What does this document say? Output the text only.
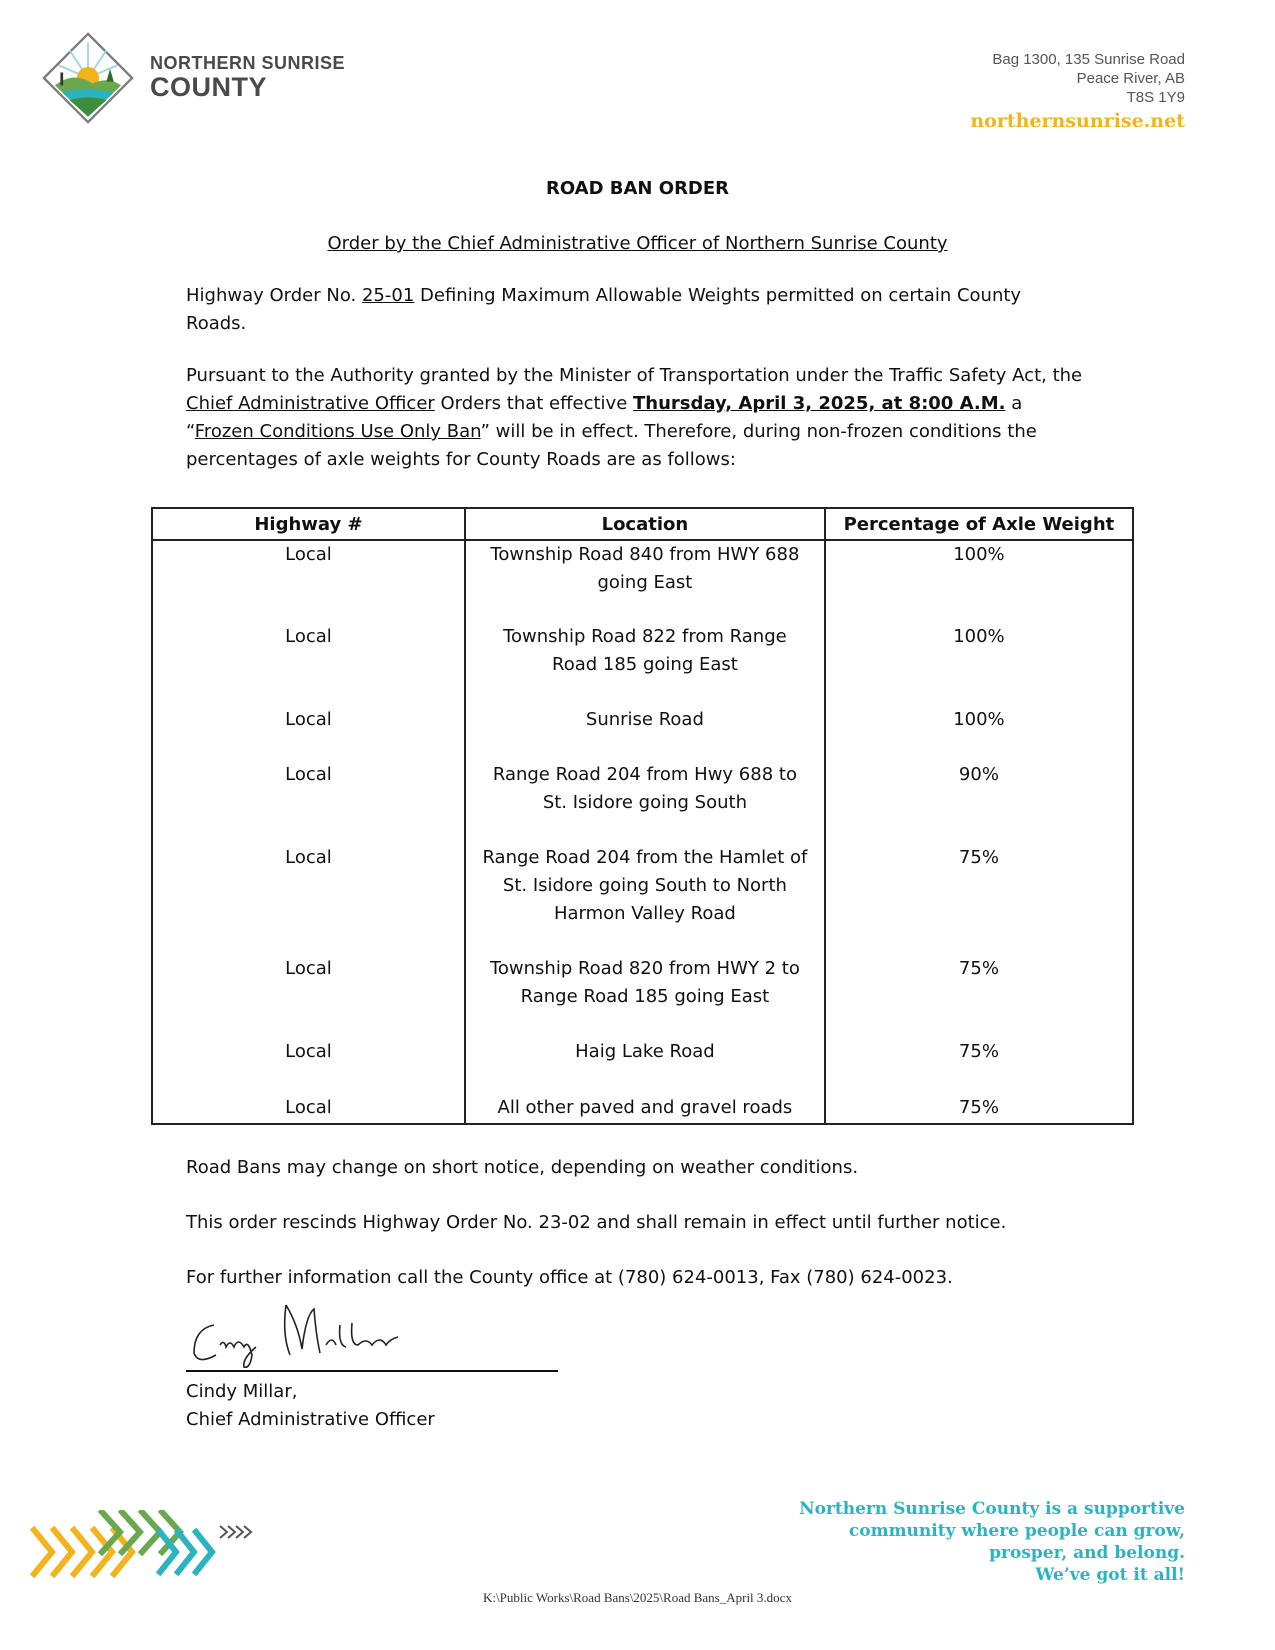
NORTHERN SUNRISE
COUNTY
Bag 1300, 135 Sunrise Road
Peace River, AB
T8S 1Y9
northernsunrise.net
ROAD BAN ORDER
Order by the Chief Administrative Officer of Northern Sunrise County
Highway Order No. 25-01 Defining Maximum Allowable Weights permitted on certain County Roads.
Pursuant to the Authority granted by the Minister of Transportation under the Traffic Safety Act, the Chief Administrative Officer Orders that effective Thursday, April 3, 2025, at 8:00 A.M. a “Frozen Conditions Use Only Ban” will be in effect. Therefore, during non-frozen conditions the percentages of axle weights for County Roads are as follows:
Highway #	Location	Percentage of Axle Weight
Local	Township Road 840 from HWY 688 going East	100%
Local	Township Road 822 from Range Road 185 going East	100%
Local	Sunrise Road	100%
Local	Range Road 204 from Hwy 688 to St. Isidore going South	90%
Local	Range Road 204 from the Hamlet of St. Isidore going South to North Harmon Valley Road	75%
Local	Township Road 820 from HWY 2 to Range Road 185 going East	75%
Local	Haig Lake Road	75%
Local	All other paved and gravel roads	75%
Road Bans may change on short notice, depending on weather conditions.
This order rescinds Highway Order No. 23-02 and shall remain in effect until further notice.
For further information call the County office at (780) 624-0013, Fax (780) 624-0023.
Cindy Millar,
Chief Administrative Officer
Northern Sunrise County is a supportive
community where people can grow,
prosper, and belong.
We’ve got it all!
K:\Public Works\Road Bans\2025\Road Bans_April 3.docx
